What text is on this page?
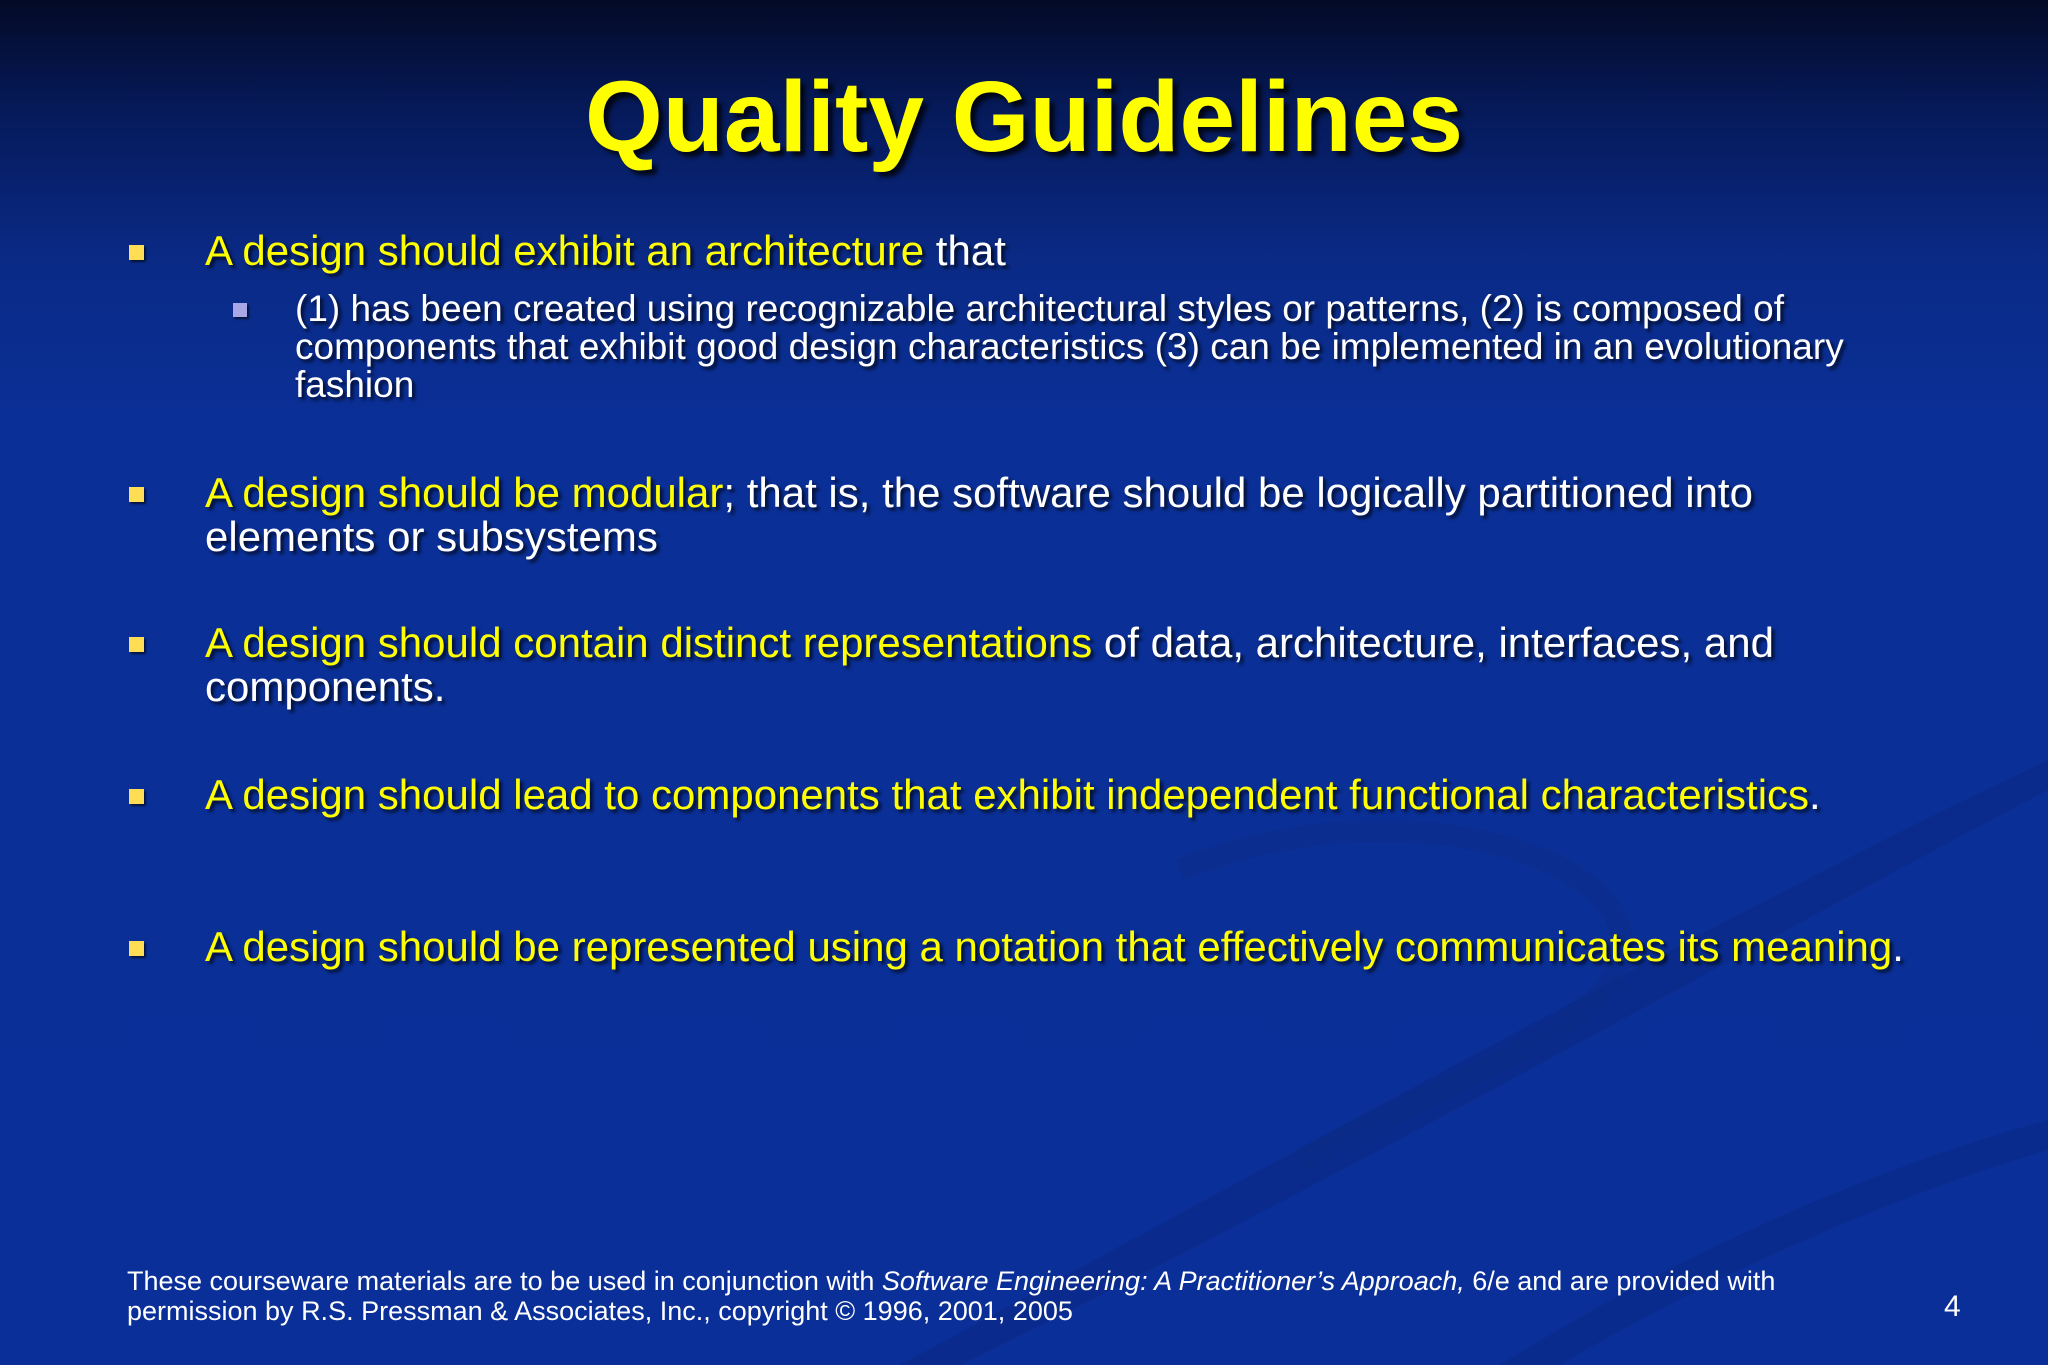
Quality Guidelines
A design should exhibit an architecture that
(1) has been created using recognizable architectural styles or patterns, (2) is composed of components that exhibit good design characteristics (3) can be implemented in an evolutionary fashion
A design should be modular; that is, the software should be logically partitioned into elements or subsystems
A design should contain distinct representations of data, architecture, interfaces, and components.
A design should lead to components that exhibit independent functional characteristics.
A design should be represented using a notation that effectively communicates its meaning.
These courseware materials are to be used in conjunction with Software Engineering: A Practitioner’s Approach, 6/e and are provided with permission by R.S. Pressman & Associates, Inc., copyright © 1996, 2001, 2005	4
